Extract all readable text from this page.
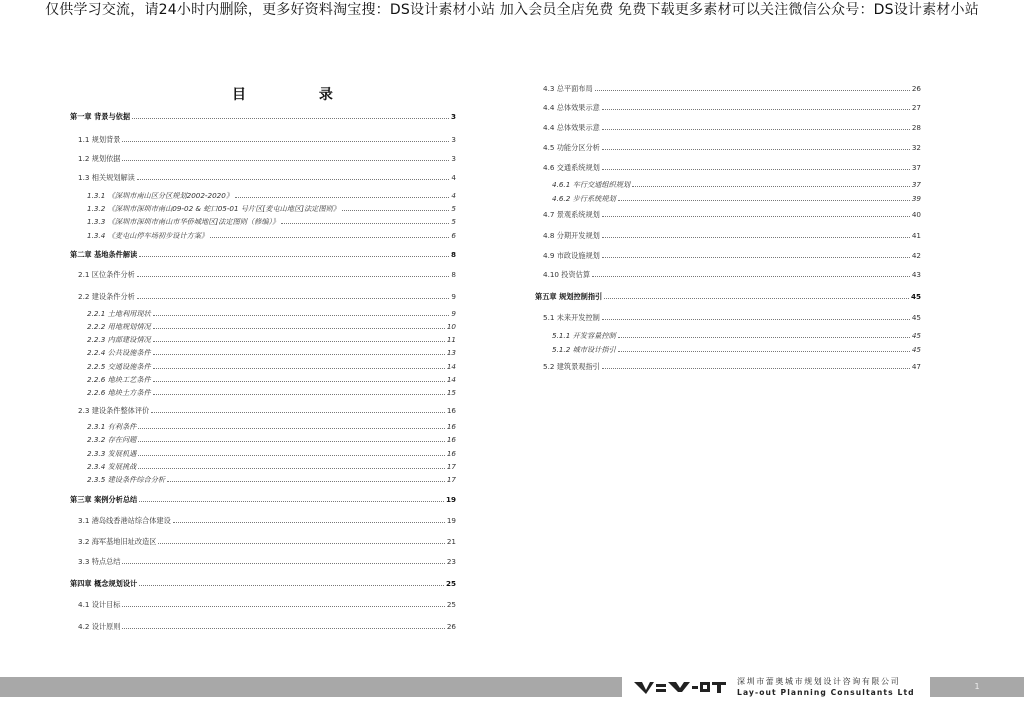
仅供学习交流，请24小时内删除，更多好资料淘宝搜：DS设计素材小站 加入会员全店免费 免费下载更多素材可以关注微信公众号：DS设计素材小站
目 录
第一章 背景与依据	3
1.1 规划背景	3
1.2 规划依据	3
1.3 相关规划解读	4
1.3.1 《深圳市南山区分区规划2002-2020》	4
1.3.2 《深圳市深圳市南山09-02 & 蛇口05-01 号片区[麦屯山地区]法定图则》	5
1.3.3 《深圳市深圳市南山市华侨城地区]法定图则（修编）》	5
1.3.4 《麦屯山停车场初步设计方案》	6
第二章 基地条件解读	8
2.1 区位条件分析	8
2.2 建设条件分析	9
2.2.1 土地利用现状	9
2.2.2 用地规划情况	10
2.2.3 内部建设情况	11
2.2.4 公共设施条件	13
2.2.5 交通设施条件	14
2.2.6 地块工艺条件	14
2.2.6 地块土方条件	15
2.3 建设条件整体评价	16
2.3.1 有利条件	16
2.3.2 存在问题	16
2.3.3 发展机遇	16
2.3.4 发展挑战	17
2.3.5 建设条件综合分析	17
第三章 案例分析总结	19
3.1 港岛线香港站综合体建设	19
3.2 海军基地旧址改造区	21
3.3 特点总结	23
第四章 概念规划设计	25
4.1 设计目标	25
4.2 设计原则	26
4.3 总平面布局	26
4.4 总体效果示意	27
4.4 总体效果示意	28
4.5 功能分区分析	32
4.6 交通系统规划	37
4.6.1 车行交通组织规划	37
4.6.2 步行系统规划	39
4.7 景观系统规划	40
4.8 分期开发规划	41
4.9 市政设施规划	42
4.10 投资估算	43
第五章 规划控制指引	45
5.1 未来开发控制	45
5.1.1 开发容量控制	45
5.1.2 城市设计指引	45
5.2 建筑景观指引	47
1
深圳市蕾奥城市规划设计咨询有限公司
Lay-out Planning Consultants Ltd
